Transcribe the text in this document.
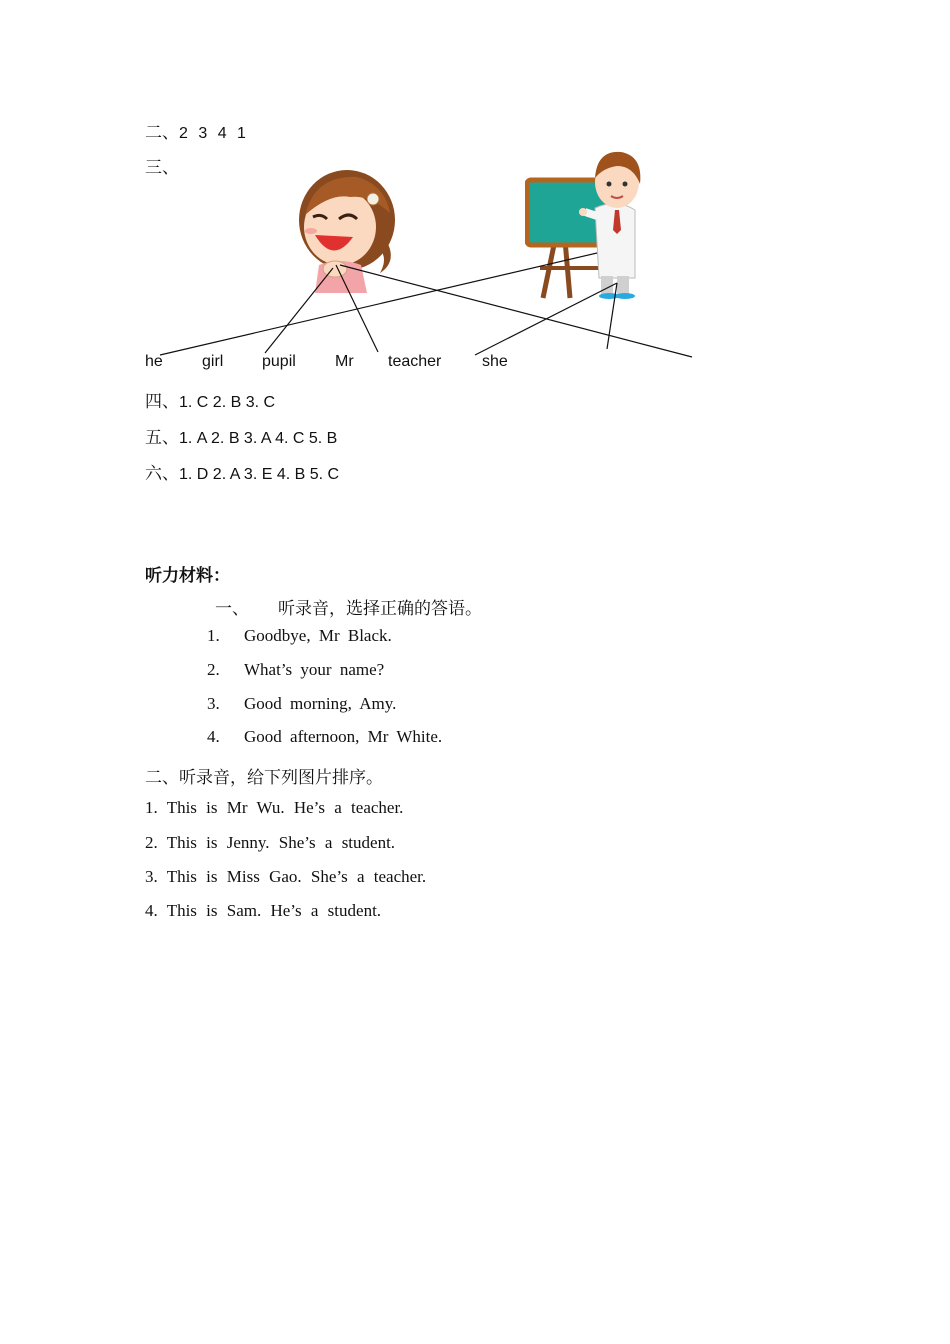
二、2 3 4 1
三、
he girl pupil Mr teacher	she
四、1. C 2. B 3. C
五、1. A 2. B 3. A 4. C 5. B
六、1. D 2. A 3. E 4. B 5. C
听力材料：
一、 听录音，选择正确的答语。
1. Goodbye, Mr Black.
2. What’s your name?
3. Good morning, Amy.
4. Good afternoon, Mr White.
二、听录音，给下列图片排序。
1. This is Mr Wu. He’s a teacher.
2. This is Jenny. She’s a student.
3. This is Miss Gao. She’s a teacher.
4. This is Sam. He’s a student.
